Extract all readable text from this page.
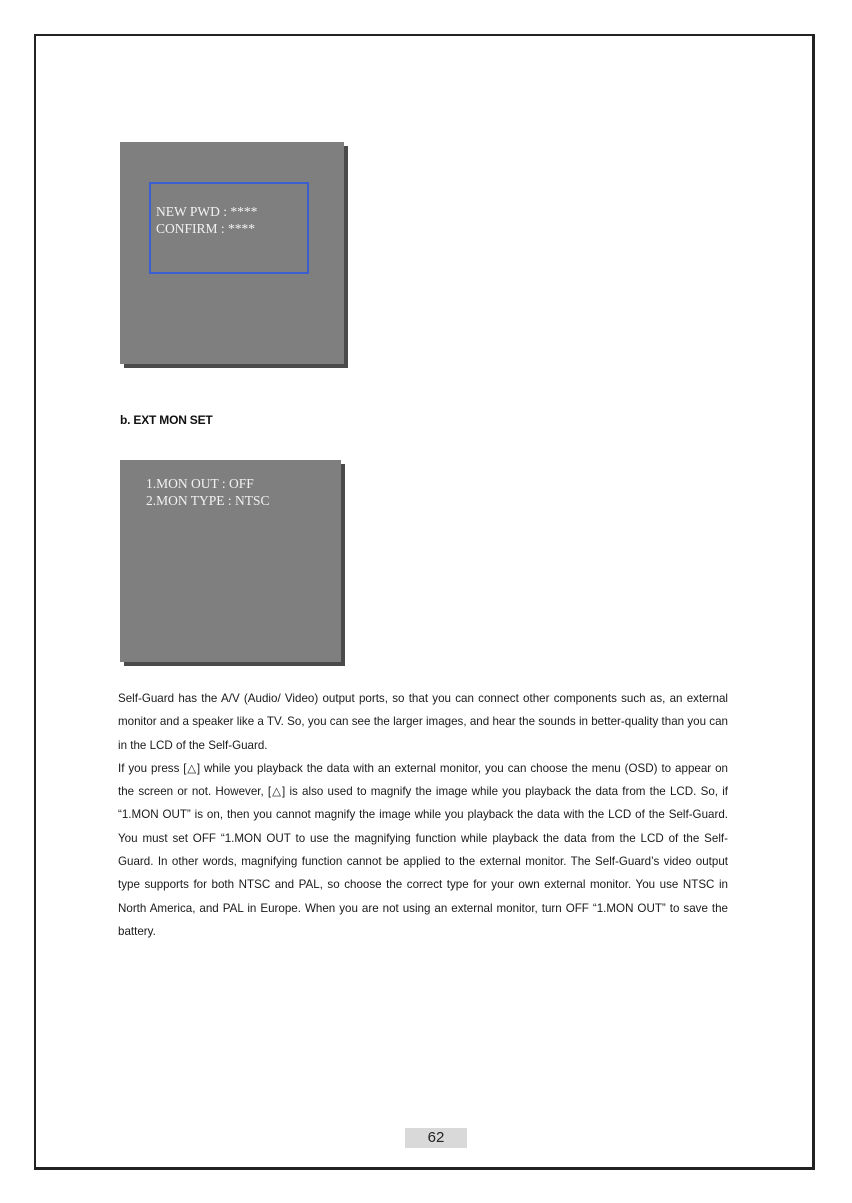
NEW PWD : ****
CONFIRM : ****
b. EXT MON SET
1.MON OUT : OFF
2.MON TYPE : NTSC

Self-Guard has the A/V (Audio/ Video) output ports, so that you can connect other components such as, an external monitor and a speaker like a TV. So, you can see the larger images, and hear the sounds in better-quality than you can in the LCD of the Self-Guard.

If you press [△] while you playback the data with an external monitor, you can choose the menu (OSD) to appear on the screen or not. However, [△] is also used to magnify the image while you playback the data from the LCD. So, if “1.MON OUT” is on, then you cannot magnify the image while you playback the data with the LCD of the Self-Guard. You must set OFF “1.MON OUT to use the magnifying function while playback the data from the LCD of the Self-Guard. In other words, magnifying function cannot be applied to the external monitor. The Self-Guard’s video output type supports for both NTSC and PAL, so choose the correct type for your own external monitor. You use NTSC in North America, and PAL in Europe. When you are not using an external monitor, turn OFF “1.MON OUT” to save the battery.

62
